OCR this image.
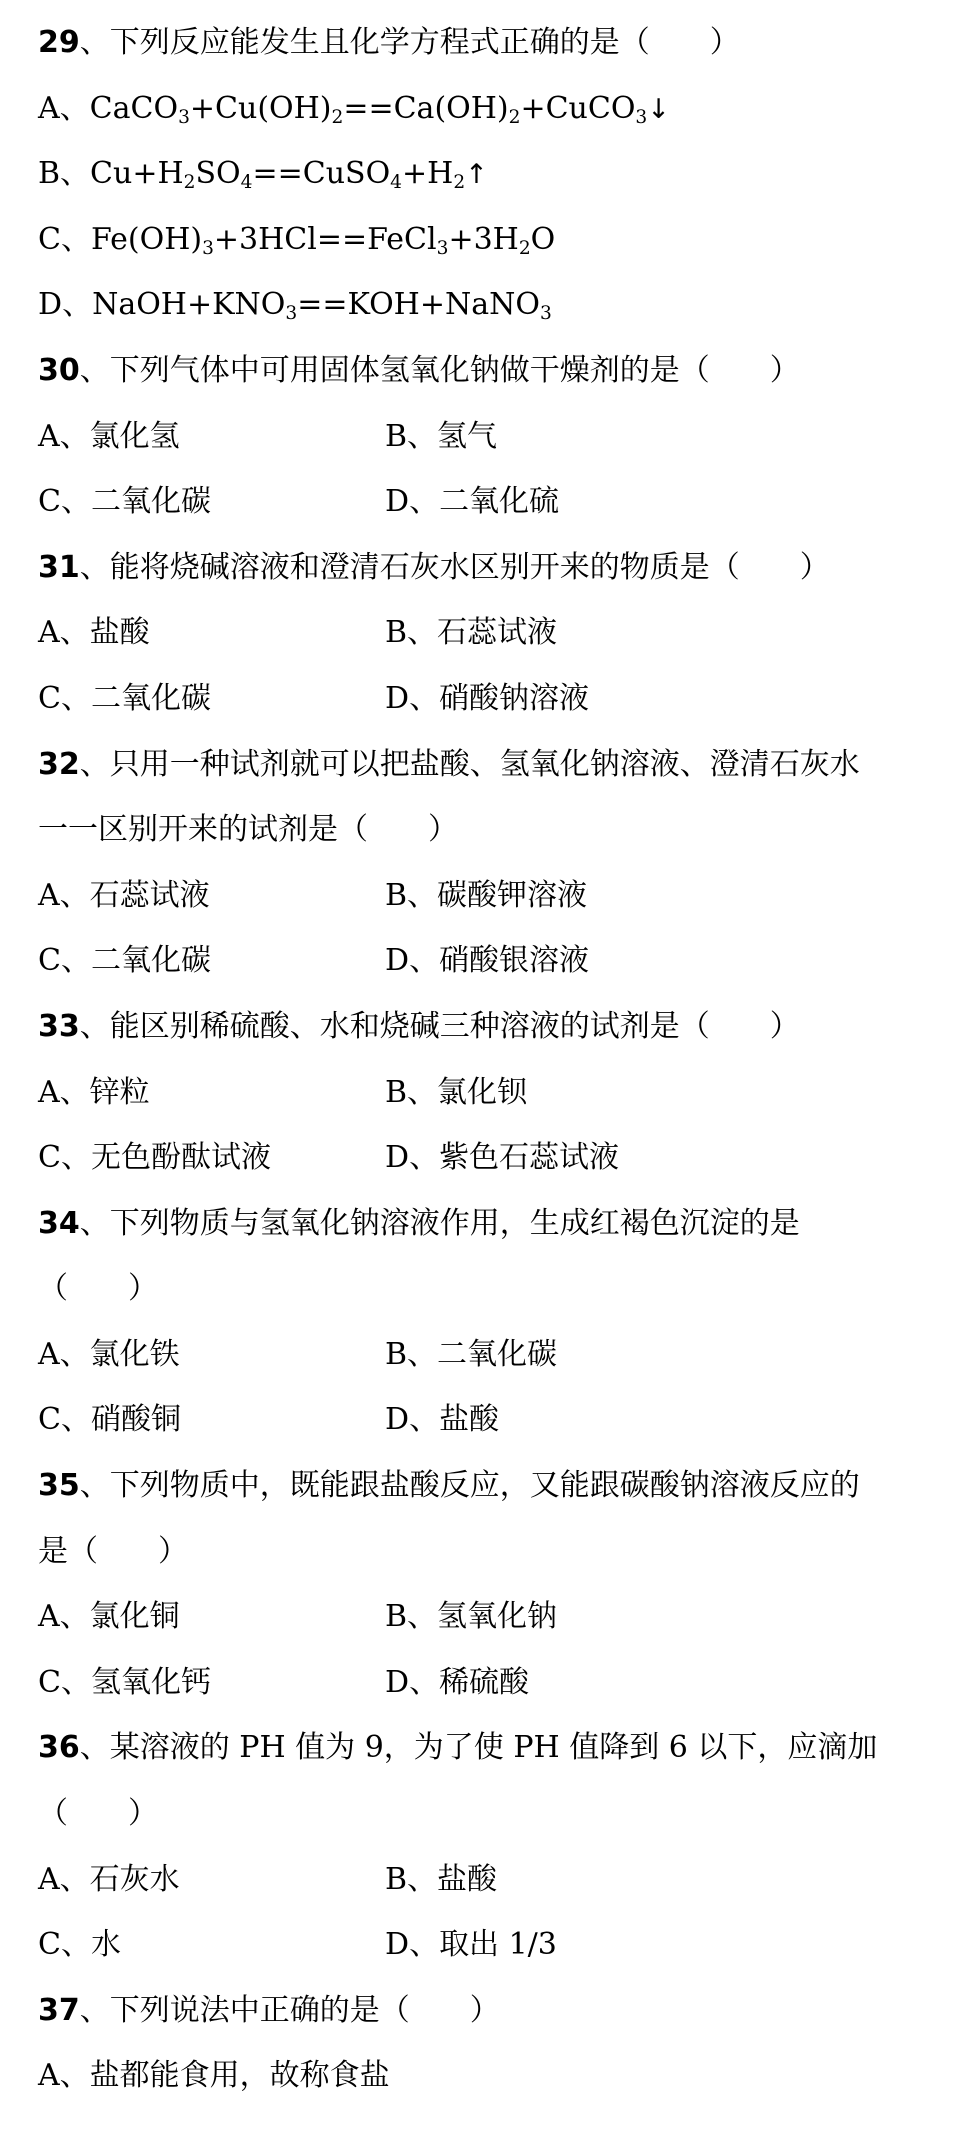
29、下列反应能发生且化学方程式正确的是（　　）
A、$CaCO_3+Cu(OH)_2==Ca(OH)_2+CuCO_3↓$
B、$Cu+H_2SO_4==CuSO_4+H_2↑$
C、$Fe(OH)_3+3HCl==FeCl_3+3H_2O$
D、$NaOH+KNO_3==KOH+NaNO_3$
30、下列气体中可用固体氢氧化钠做干燥剂的是（　　）
A、氯化氢	B、氢气
C、二氧化碳	D、二氧化硫
31、能将烧碱溶液和澄清石灰水区别开来的物质是（　　）
A、盐酸	B、石蕊试液
C、二氧化碳	D、硝酸钠溶液
32、只用一种试剂就可以把盐酸、氢氧化钠溶液、澄清石灰水
一一区别开来的试剂是（　　）
A、石蕊试液	B、碳酸钾溶液
C、二氧化碳	D、硝酸银溶液
33、能区别稀硫酸、水和烧碱三种溶液的试剂是（　　）
A、锌粒	B、氯化钡
C、无色酚酞试液	D、紫色石蕊试液
34、下列物质与氢氧化钠溶液作用，生成红褐色沉淀的是
（　　）
A、氯化铁	B、二氧化碳
C、硝酸铜	D、盐酸
35、下列物质中，既能跟盐酸反应，又能跟碳酸钠溶液反应的
是（　　）
A、氯化铜	B、氢氧化钠
C、氢氧化钙	D、稀硫酸
36、某溶液的 PH 值为 9，为了使 PH 值降到 6 以下，应滴加
（　　）
A、石灰水	B、盐酸
C、水	D、取出 1/3
37、下列说法中正确的是（　　）
A、盐都能食用，故称食盐
